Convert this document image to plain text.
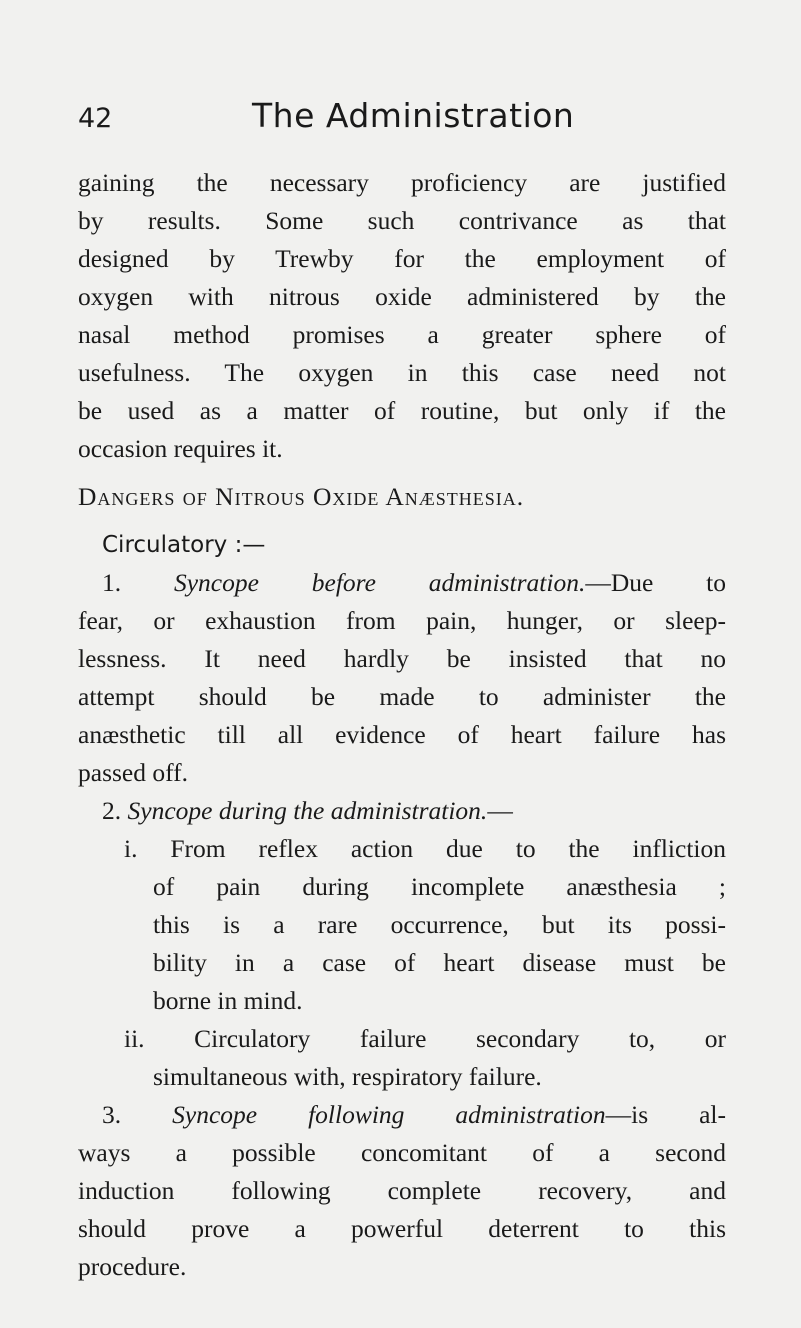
42	The Administration
gaining the necessary proficiency are justified
by results. Some such contrivance as that
designed by Trewby for the employment of
oxygen with nitrous oxide administered by the
nasal method promises a greater sphere of
usefulness. The oxygen in this case need not
be used as a matter of routine, but only if the
occasion requires it.
Dangers of Nitrous Oxide Anæsthesia.
Circulatory :—
1. Syncope before administration.—Due to
fear, or exhaustion from pain, hunger, or sleep-
lessness. It need hardly be insisted that no
attempt should be made to administer the
anæsthetic till all evidence of heart failure has
passed off.
2. Syncope during the administration.—
i. From reflex action due to the infliction
of pain during incomplete anæsthesia ;
this is a rare occurrence, but its possi-
bility in a case of heart disease must be
borne in mind.
ii. Circulatory failure secondary to, or
simultaneous with, respiratory failure.
3. Syncope following administration—is al-
ways a possible concomitant of a second
induction following complete recovery, and
should prove a powerful deterrent to this
procedure.
